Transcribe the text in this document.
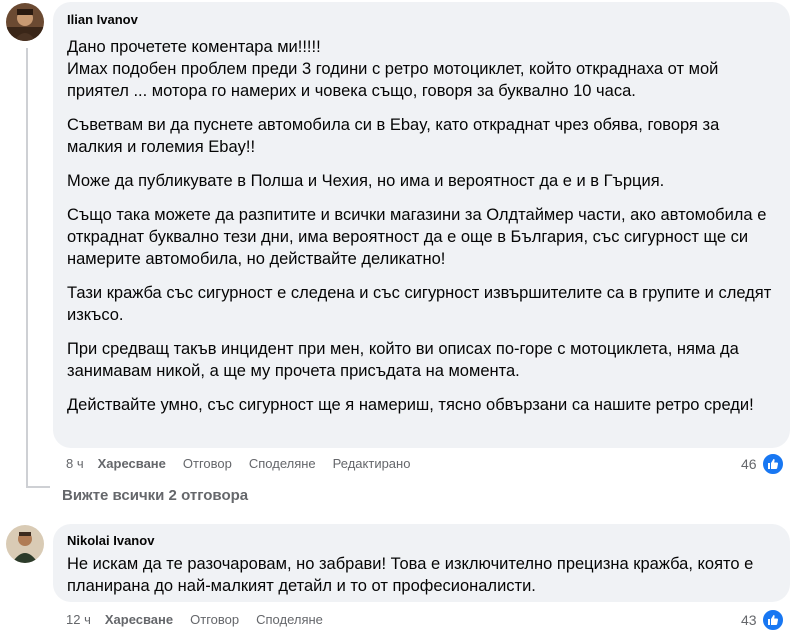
Ilian Ivanov

Дано прочетете коментара ми!!!!!

Имах подобен проблем преди 3 години с ретро мотоциклет, който откраднаха от мой приятел ... мотора го намерих и човека също, говоря за буквално 10 часа.

Съветвам ви да пуснете автомобила си в Ebay, като откраднат чрез обява, говоря за малкия и големия Ebay!!

Може да публикувате в Полша и Чехия, но има и вероятност да е и в Гърция.

Също така можете да разпитите и всички магазини за Олдтаймер части, ако автомобила е откраднат буквално тези дни, има вероятност да е още в България, със сигурност ще си намерите автомобила, но действайте деликатно!

Тази кражба със сигурност е следена и със сигурност извършителите са в групите и следят изкъсо.

При средващ такъв инцидент при мен, който ви описах по-горе с мотоциклета, няма да занимавам никой, а ще му прочета присъдата на момента.

Действайте умно, със сигурност ще я намериш, тясно обвързани са нашите ретро среди!

8 ч Харесване Отговор Споделяне Редактирано	46
Вижте всички 2 отговора
Nikolai Ivanov

Не искам да те разочаровам, но забрави! Това е изключително прецизна кражба, която е планирана до най-малкият детайл и то от професионалисти.

12 ч Харесване Отговор Споделяне	43
